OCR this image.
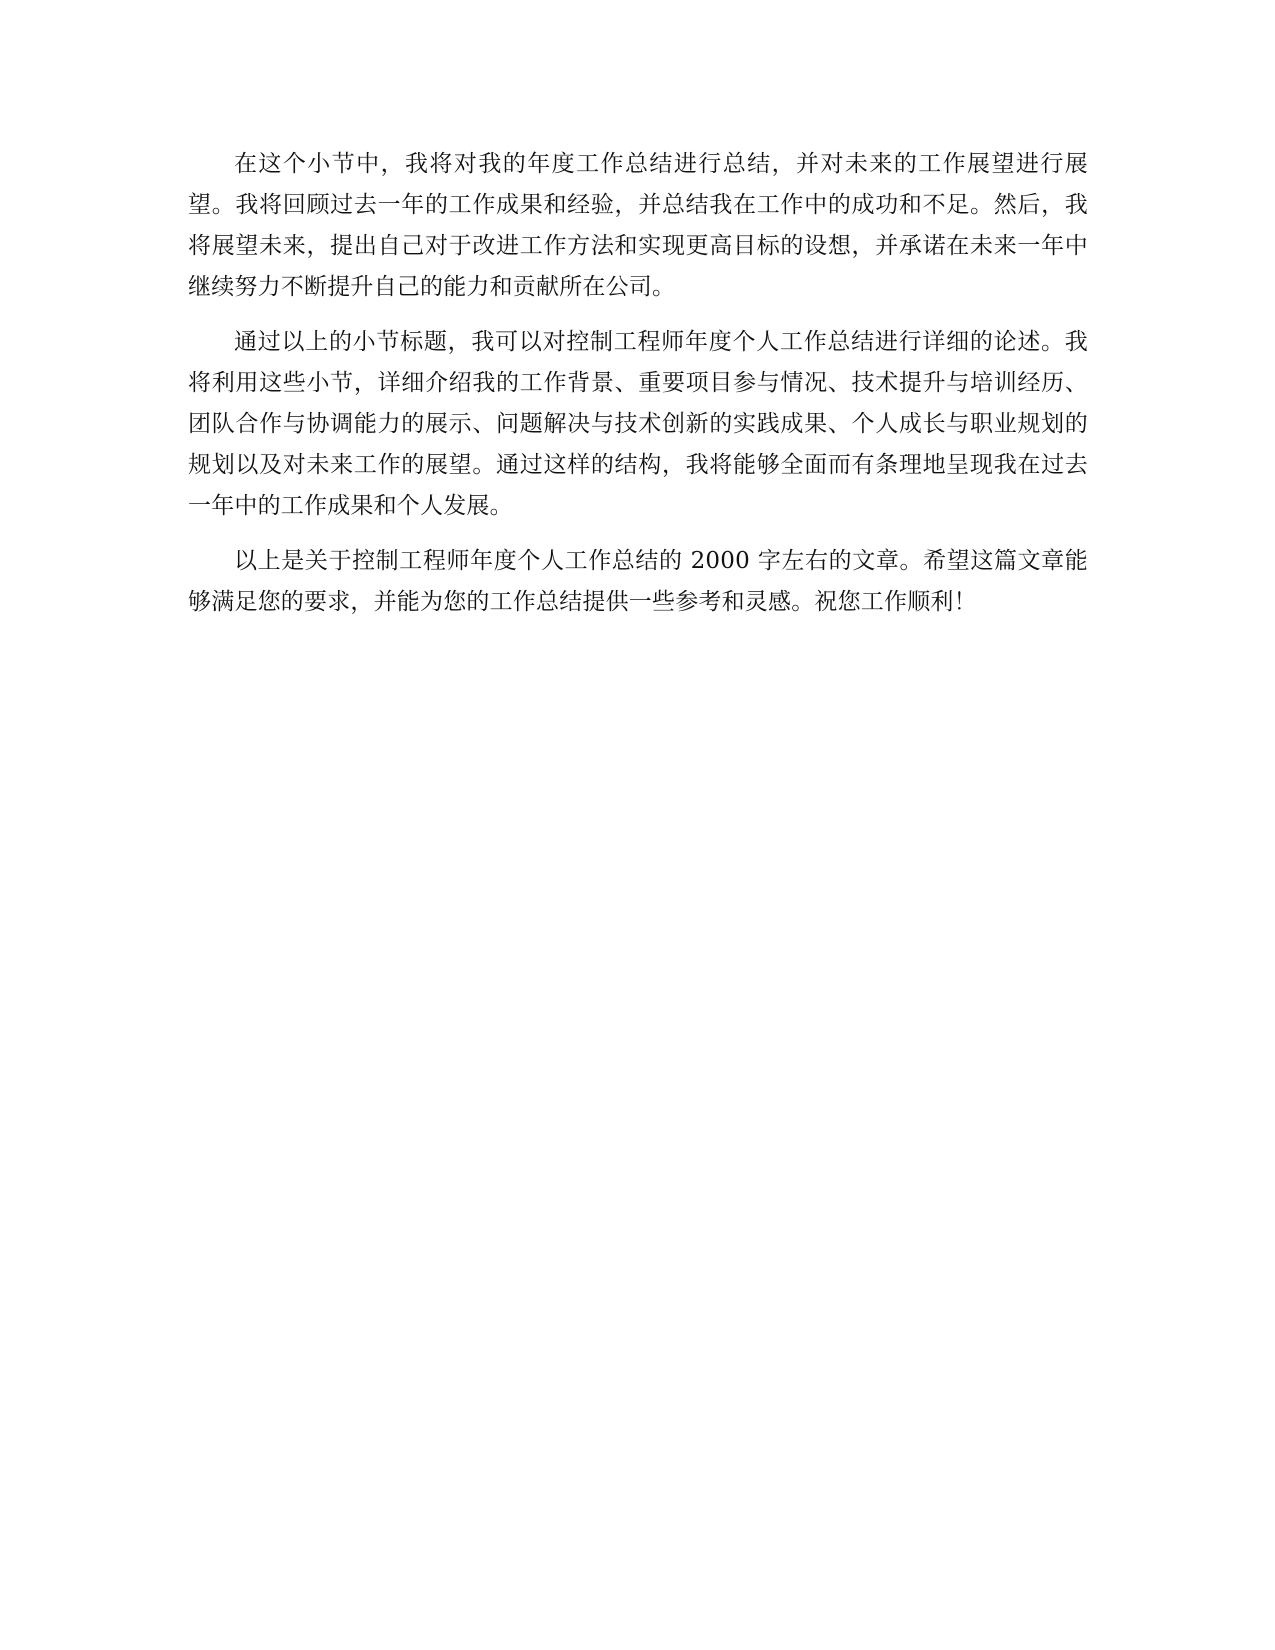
在这个小节中，我将对我的年度工作总结进行总结，并对未来的工作展望进行展望。我将回顾过去一年的工作成果和经验，并总结我在工作中的成功和不足。然后，我将展望未来，提出自己对于改进工作方法和实现更高目标的设想，并承诺在未来一年中继续努力不断提升自己的能力和贡献所在公司。

通过以上的小节标题，我可以对控制工程师年度个人工作总结进行详细的论述。我将利用这些小节，详细介绍我的工作背景、重要项目参与情况、技术提升与培训经历、团队合作与协调能力的展示、问题解决与技术创新的实践成果、个人成长与职业规划的规划以及对未来工作的展望。通过这样的结构，我将能够全面而有条理地呈现我在过去一年中的工作成果和个人发展。

以上是关于控制工程师年度个人工作总结的 2000 字左右的文章。希望这篇文章能够满足您的要求，并能为您的工作总结提供一些参考和灵感。祝您工作顺利！
